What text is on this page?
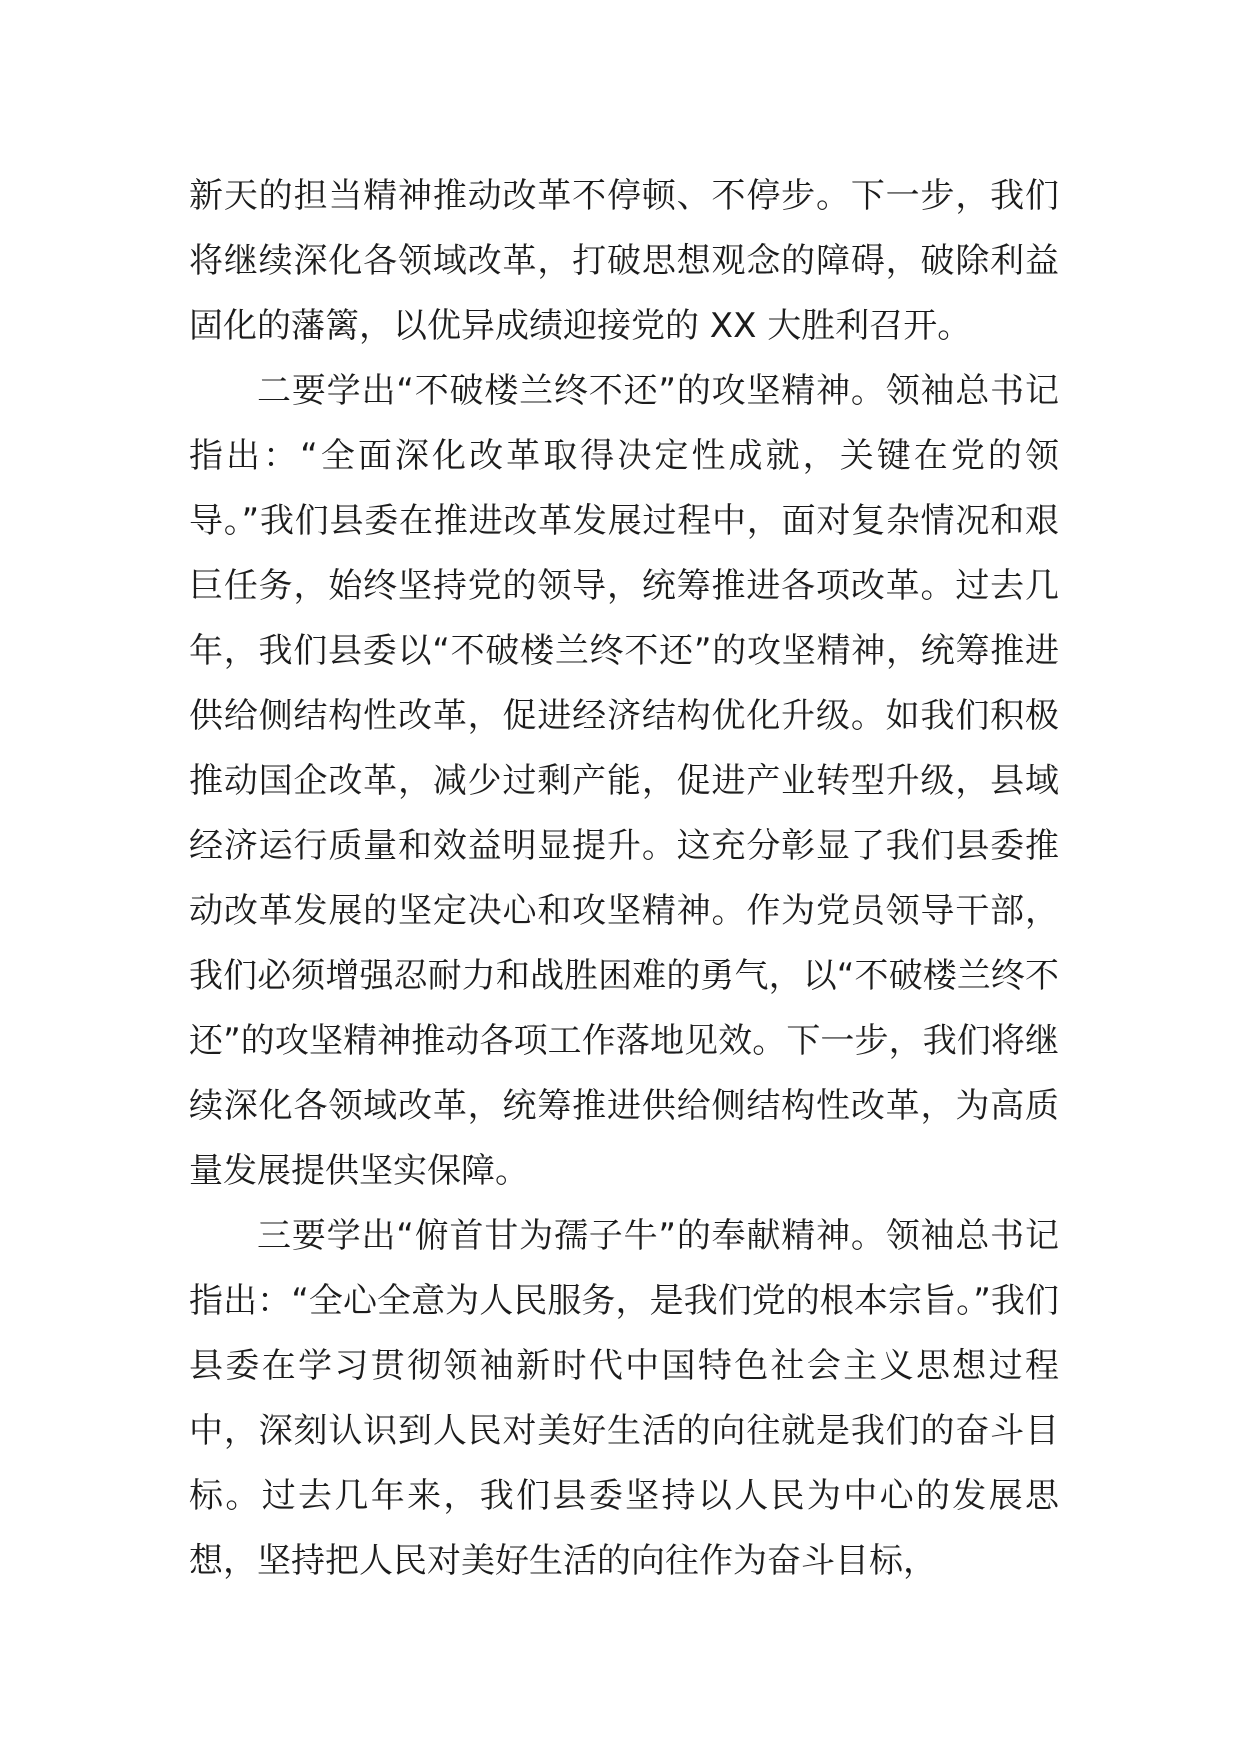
新天的担当精神推动改革不停顿、不停步。下一步，我们将继续深化各领域改革，打破思想观念的障碍，破除利益固化的藩篱，以优异成绩迎接党的 XX 大胜利召开。

二要学出“不破楼兰终不还”的攻坚精神。领袖总书记指出：“全面深化改革取得决定性成就，关键在党的领导。”我们县委在推进改革发展过程中，面对复杂情况和艰巨任务，始终坚持党的领导，统筹推进各项改革。过去几年，我们县委以“不破楼兰终不还”的攻坚精神，统筹推进供给侧结构性改革，促进经济结构优化升级。如我们积极推动国企改革，减少过剩产能，促进产业转型升级，县域经济运行质量和效益明显提升。这充分彰显了我们县委推动改革发展的坚定决心和攻坚精神。作为党员领导干部，我们必须增强忍耐力和战胜困难的勇气，以“不破楼兰终不还”的攻坚精神推动各项工作落地见效。下一步，我们将继续深化各领域改革，统筹推进供给侧结构性改革，为高质量发展提供坚实保障。

三要学出“俯首甘为孺子牛”的奉献精神。领袖总书记指出：“全心全意为人民服务，是我们党的根本宗旨。”我们县委在学习贯彻领袖新时代中国特色社会主义思想过程中，深刻认识到人民对美好生活的向往就是我们的奋斗目标。过去几年来，我们县委坚持以人民为中心的发展思想，坚持把人民对美好生活的向往作为奋斗目标，
